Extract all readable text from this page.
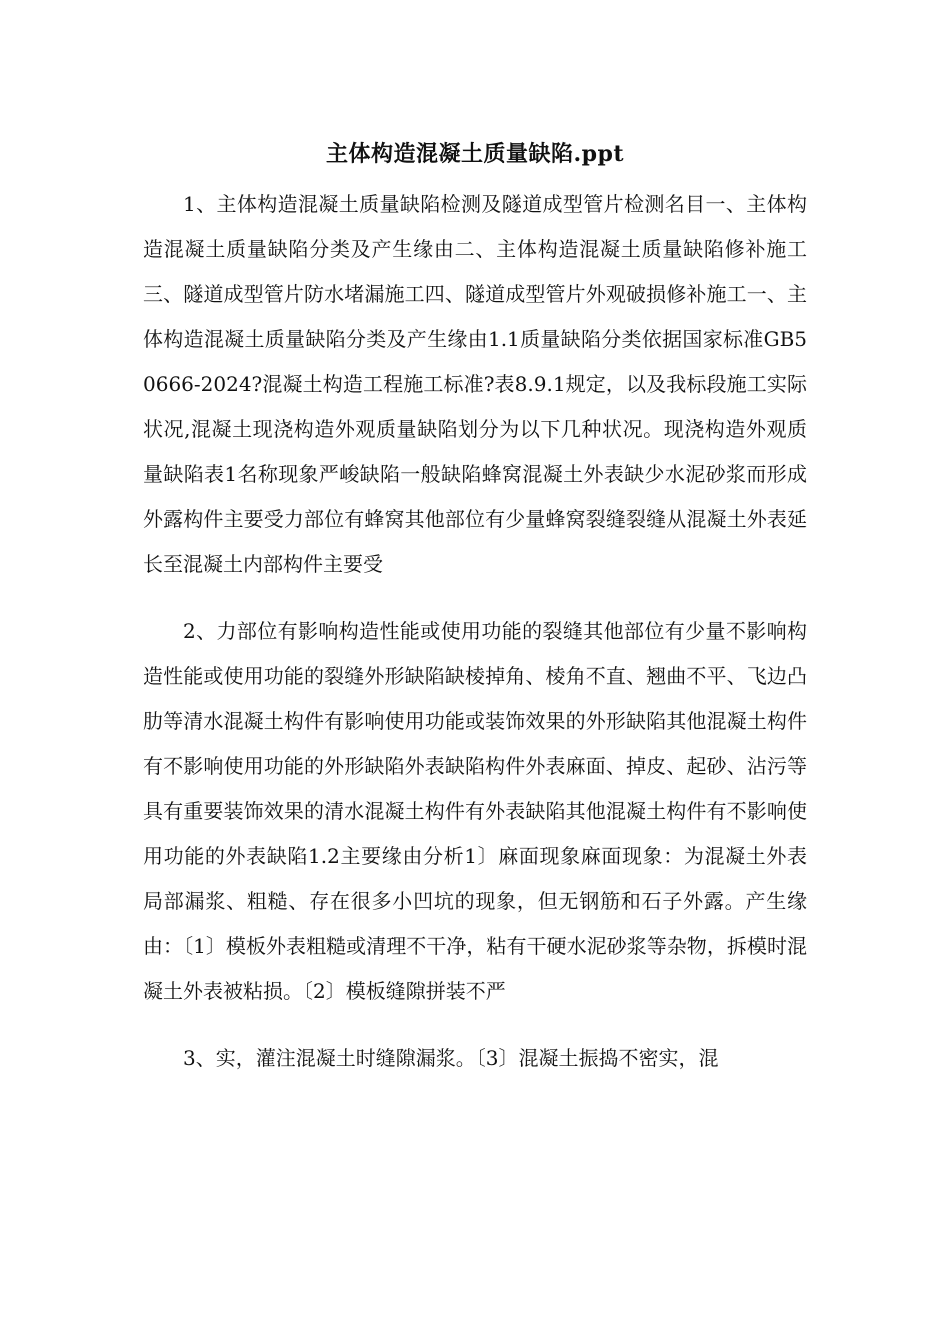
主体构造混凝土质量缺陷.ppt

1、主体构造混凝土质量缺陷检测及隧道成型管片检测名目一、主体构造混凝土质量缺陷分类及产生缘由二、主体构造混凝土质量缺陷修补施工三、隧道成型管片防水堵漏施工四、隧道成型管片外观破损修补施工一、主体构造混凝土质量缺陷分类及产生缘由1.1质量缺陷分类依据国家标准GB50666-2024?混凝土构造工程施工标准?表8.9.1规定，以及我标段施工实际状况,混凝土现浇构造外观质量缺陷划分为以下几种状况。现浇构造外观质量缺陷表1名称现象严峻缺陷一般缺陷蜂窝混凝土外表缺少水泥砂浆而形成外露构件主要受力部位有蜂窝其他部位有少量蜂窝裂缝裂缝从混凝土外表延长至混凝土内部构件主要受

2、力部位有影响构造性能或使用功能的裂缝其他部位有少量不影响构造性能或使用功能的裂缝外形缺陷缺棱掉角、棱角不直、翘曲不平、飞边凸肋等清水混凝土构件有影响使用功能或装饰效果的外形缺陷其他混凝土构件有不影响使用功能的外形缺陷外表缺陷构件外表麻面、掉皮、起砂、沾污等具有重要装饰效果的清水混凝土构件有外表缺陷其他混凝土构件有不影响使用功能的外表缺陷1.2主要缘由分析1〕麻面现象麻面现象：为混凝土外表局部漏浆、粗糙、存在很多小凹坑的现象，但无钢筋和石子外露。产生缘由：〔1〕模板外表粗糙或清理不干净，粘有干硬水泥砂浆等杂物，拆模时混凝土外表被粘损。〔2〕模板缝隙拼装不严

3、实，灌注混凝土时缝隙漏浆。〔3〕混凝土振捣不密实，混
